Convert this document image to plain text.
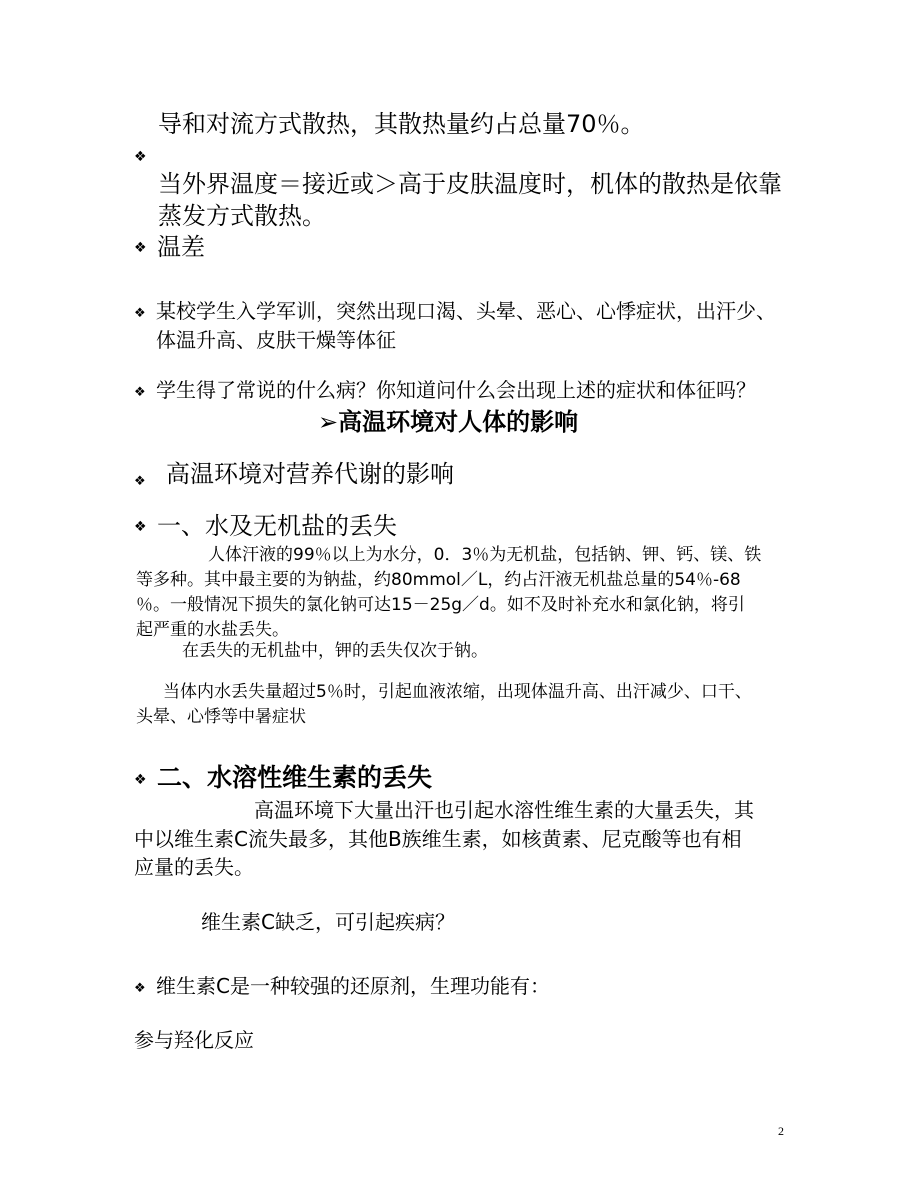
导和对流方式散热，其散热量约占总量70％。
❖
当外界温度＝接近或＞高于皮肤温度时，机体的散热是依靠
蒸发方式散热。
❖ 温差
❖ 某校学生入学军训，突然出现口渴、头晕、恶心、心悸症状，出汗少、
体温升高、皮肤干燥等体征
❖ 学生得了常说的什么病？你知道问什么会出现上述的症状和体征吗？
➢高温环境对人体的影响
❖ 高温环境对营养代谢的影响
❖ 一、水及无机盐的丢失
人体汗液的99％以上为水分，0．3％为无机盐，包括钠、钾、钙、镁、铁
等多种。其中最主要的为钠盐，约80mmol／L，约占汗液无机盐总量的54％-68
％。一般情况下损失的氯化钠可达15－25g／d。如不及时补充水和氯化钠，将引
起严重的水盐丢失。
在丢失的无机盐中，钾的丢失仅次于钠。
当体内水丢失量超过5％时，引起血液浓缩，出现体温升高、出汗减少、口干、
头晕、心悸等中暑症状
❖ 二、水溶性维生素的丢失
高温环境下大量出汗也引起水溶性维生素的大量丢失，其
中以维生素C流失最多，其他B族维生素，如核黄素、尼克酸等也有相
应量的丢失。
维生素C缺乏，可引起疾病？
❖ 维生素C是一种较强的还原剂，生理功能有：
参与羟化反应
2
